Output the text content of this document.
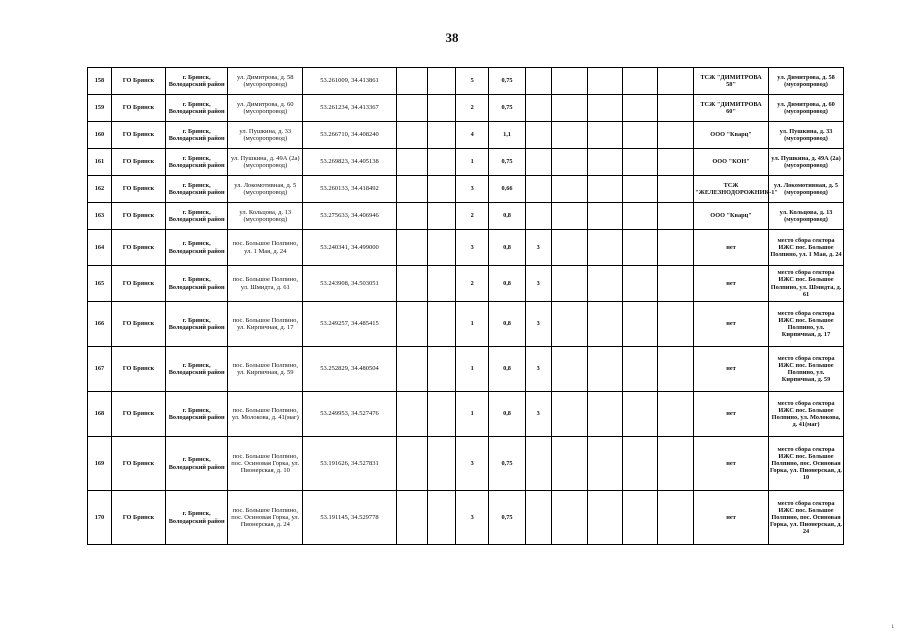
38
158	ГО Брянск	г. Брянск, Володарский район	ул. Димитрова, д. 58 (мусоропровод)	53.261009, 34.413861			5	0,75						ТСЖ "ДИМИТРОВА 58"	ул. Димитрова, д. 58 (мусоропровод)
159	ГО Брянск	г. Брянск, Володарский район	ул. Димитрова, д. 60 (мусоропровод)	53.261234, 34.413367			2	0,75						ТСЖ "ДИМИТРОВА 60"	ул. Димитрова, д. 60 (мусоропровод)
160	ГО Брянск	г. Брянск, Володарский район	ул. Пушкина, д. 33 (мусоропровод)	53.266710, 34.408240			4	1,1						ООО "Кварц"	ул. Пушкина, д. 33 (мусоропровод)
161	ГО Брянск	г. Брянск, Володарский район	ул. Пушкина, д. 49А (2а) (мусоропровод)	53.269823, 34.405138			1	0,75						ООО "КОН"	ул. Пушкина, д. 49А (2а) (мусоропровод)
162	ГО Брянск	г. Брянск, Володарский район	ул. Локомотивная, д. 5 (мусоропровод)	53.260133, 34.418492			3	0,66						ТСЖ "ЖЕЛЕЗНОДОРОЖНИК-1"	ул. Локомотивная, д. 5 (мусоропровод)
163	ГО Брянск	г. Брянск, Володарский район	ул. Кольцова, д. 13 (мусоропровод)	53.275633, 34.406946			2	0,8						ООО "Кварц"	ул. Кольцова, д. 13 (мусоропровод)
164	ГО Брянск	г. Брянск, Володарский район	пос. Большое Полпино, ул. 1 Мая, д. 24	53.240341, 34.499000			3	0,8	3					нет	место сбора сектора ИЖС пос. Большое Полпино, ул. 1 Мая, д. 24
165	ГО Брянск	г. Брянск, Володарский район	пос. Большое Полпино, ул. Шмидта, д. 61	53.243908, 34.503051			2	0,8	3					нет	место сбора сектора ИЖС пос. Большое Полпино, ул. Шмидта, д. 61
166	ГО Брянск	г. Брянск, Володарский район	пос. Большое Полпино, ул. Кирпичная, д. 17	53.249257, 34.485415			1	0,8	3					нет	место сбора сектора ИЖС пос. Большое Полпино, ул. Кирпичная, д. 17
167	ГО Брянск	г. Брянск, Володарский район	пос. Большое Полпино, ул. Кирпичная, д. 59	53.252829, 34.480504			1	0,8	3					нет	место сбора сектора ИЖС пос. Большое Полпино, ул. Кирпичная, д. 59
168	ГО Брянск	г. Брянск, Володарский район	пос. Большое Полпино, ул. Молокова, д. 41(маг)	53.249953, 34.527476			1	0,8	3					нет	место сбора сектора ИЖС пос. Большое Полпино, ул. Молокова, д. 41(маг)
169	ГО Брянск	г. Брянск, Володарский район	пос. Большое Полпино, пос. Осиновая Горка, ул. Пионерская, д. 10	53.191626, 34.527831			3	0,75						нет	место сбора сектора ИЖС пос. Большое Полпино, пос. Осиновая Горка, ул. Пионерская, д. 10
170	ГО Брянск	г. Брянск, Володарский район	пос. Большое Полпино, пос. Осиновая Горка, ул. Пионерская, д. 24	53.191145, 34.529778			3	0,75						нет	место сбора сектора ИЖС пос. Большое Полпино, пос. Осиновая Горка, ул. Пионерская, д. 24
1
